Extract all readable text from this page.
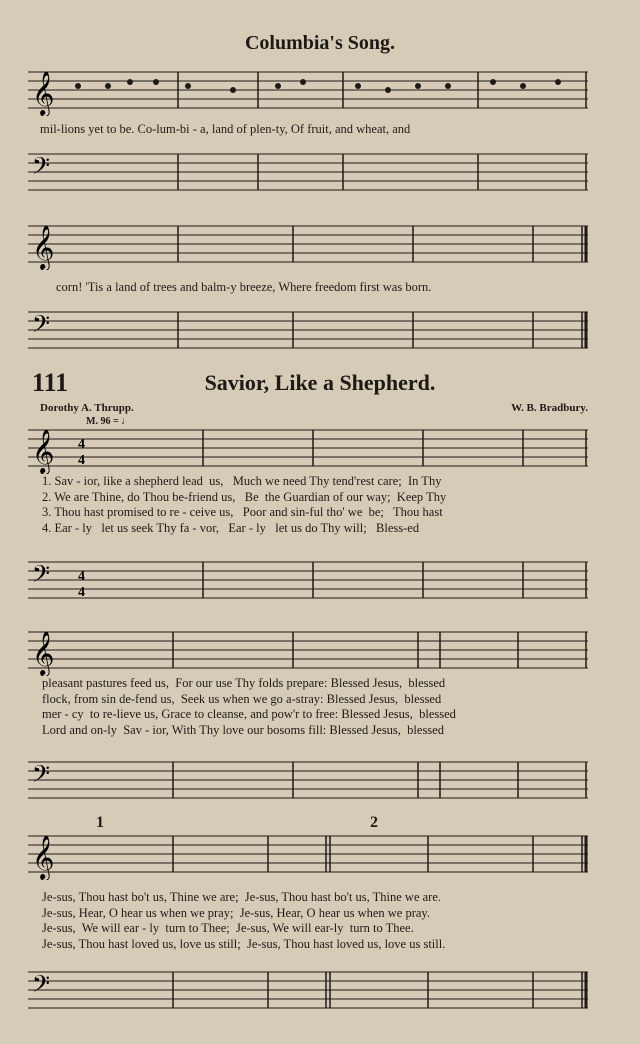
Columbia's Song.
𝄞
mil-lions yet to be. Co-lum-bi - a, land of plen-ty, Of fruit, and wheat, and
𝄢
𝄞
corn! 'Tis a land of trees and balm-y breeze, Where freedom first was born.
𝄢
111	Savior, Like a Shepherd.
Dorothy A. Thrupp.	W. B. Bradbury.
M. 96 = ♩
𝄞 4
4
1. Sav - ior, like a shepherd lead  us,   Much we need Thy tend'rest care;  In Thy
2. We are Thine, do Thou be-friend us,   Be  the Guardian of our way;  Keep Thy
3. Thou hast promised to re - ceive us,   Poor and sin-ful tho' we  be;   Thou hast
4. Ear - ly   let us seek Thy fa - vor,   Ear - ly   let us do Thy will;   Bless-ed
𝄢 4
4
𝄞
pleasant pastures feed us,  For our use Thy folds prepare: Blessed Jesus,  blessed
flock, from sin de-fend us,  Seek us when we go a-stray: Blessed Jesus,  blessed
mer - cy  to re-lieve us, Grace to cleanse, and pow'r to free: Blessed Jesus,  blessed
Lord and on-ly  Sav - ior, With Thy love our bosoms fill: Blessed Jesus,  blessed
𝄢
1	2
𝄞
Je-sus, Thou hast bo't us, Thine we are;  Je-sus, Thou hast bo't us, Thine we are.
Je-sus, Hear, O hear us when we pray;  Je-sus, Hear, O hear us when we pray.
Je-sus,  We will ear - ly  turn to Thee;  Je-sus, We will ear-ly  turn to Thee.
Je-sus, Thou hast loved us, love us still;  Je-sus, Thou hast loved us, love us still.
𝄢
